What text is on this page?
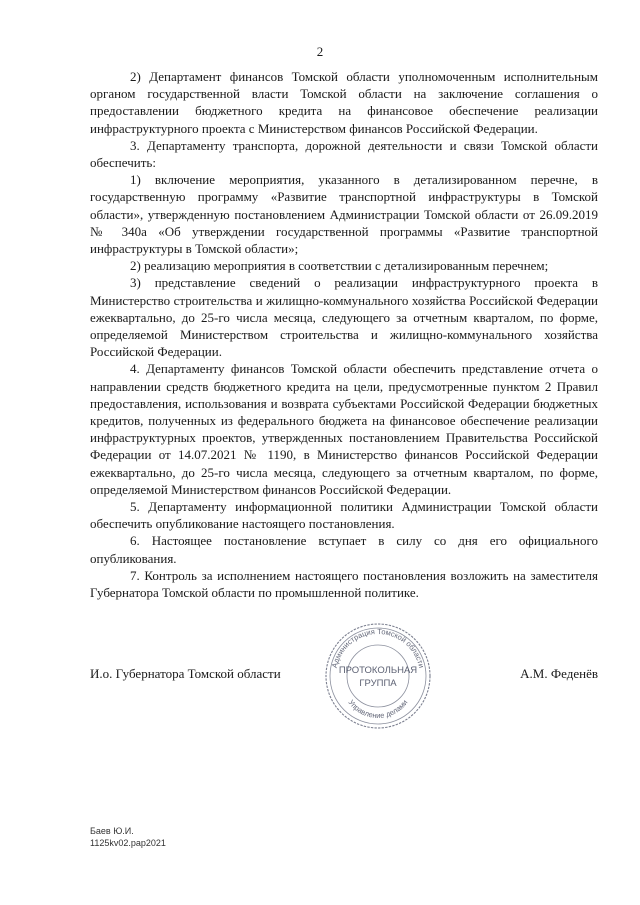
2

2) Департамент финансов Томской области уполномоченным исполнительным органом государственной власти Томской области на заключение соглашения о предоставлении бюджетного кредита на финансовое обеспечение реализации инфраструктурного проекта с Министерством финансов Российской Федерации.

3. Департаменту транспорта, дорожной деятельности и связи Томской области обеспечить:

1) включение мероприятия, указанного в детализированном перечне, в государственную программу «Развитие транспортной инфраструктуры в Томской области», утвержденную постановлением Администрации Томской области от 26.09.2019 № 340а «Об утверждении государственной программы «Развитие транспортной инфраструктуры в Томской области»;

2) реализацию мероприятия в соответствии с детализированным перечнем;

3) представление сведений о реализации инфраструктурного проекта в Министерство строительства и жилищно-коммунального хозяйства Российской Федерации ежеквартально, до 25-го числа месяца, следующего за отчетным кварталом, по форме, определяемой Министерством строительства и жилищно-коммунального хозяйства Российской Федерации.

4. Департаменту финансов Томской области обеспечить представление отчета о направлении средств бюджетного кредита на цели, предусмотренные пунктом 2 Правил предоставления, использования и возврата субъектами Российской Федерации бюджетных кредитов, полученных из федерального бюджета на финансовое обеспечение реализации инфраструктурных проектов, утвержденных постановлением Правительства Российской Федерации от 14.07.2021 № 1190, в Министерство финансов Российской Федерации ежеквартально, до 25-го числа месяца, следующего за отчетным кварталом, по форме, определяемой Министерством финансов Российской Федерации.

5. Департаменту информационной политики Администрации Томской области обеспечить опубликование настоящего постановления.

6. Настоящее постановление вступает в силу со дня его официального опубликования.

7. Контроль за исполнением настоящего постановления возложить на заместителя Губернатора Томской области по промышленной политике.

И.о. Губернатора Томской области
Администрация Томской области
Управление делами
ПРОТОКОЛЬНАЯ
ГРУППА
А.М. Феденёв
Баев Ю.И.
1125kv02.pap2021
